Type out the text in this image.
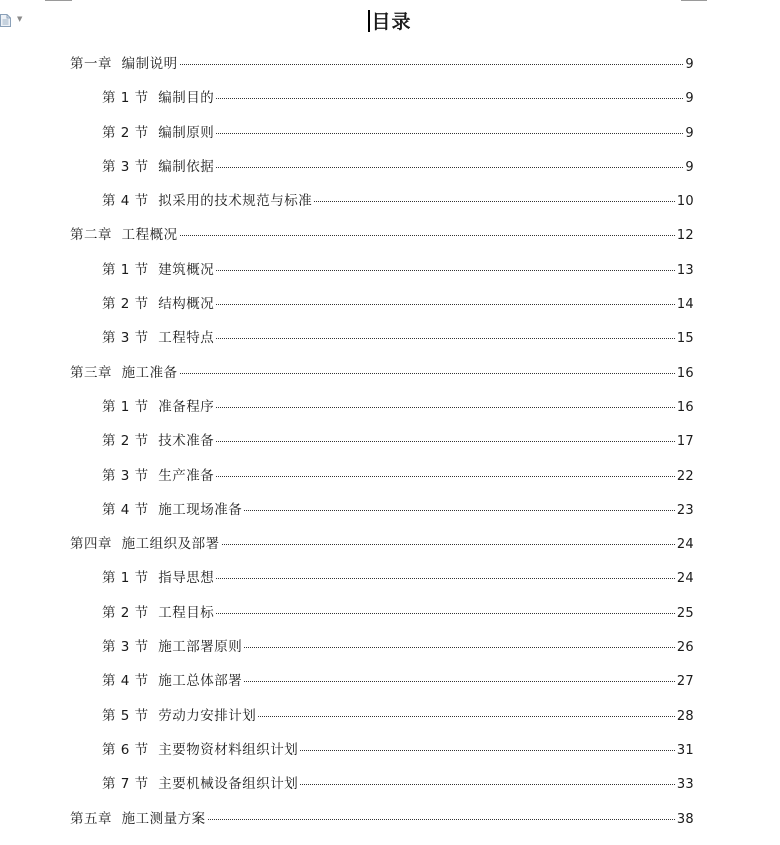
▼	目录
第一章  编制说明	9
第 1 节  编制目的	9
第 2 节  编制原则	9
第 3 节  编制依据	9
第 4 节  拟采用的技术规范与标准	10
第二章  工程概况	12
第 1 节  建筑概况	13
第 2 节  结构概况	14
第 3 节  工程特点	15
第三章  施工准备	16
第 1 节  准备程序	16
第 2 节  技术准备	17
第 3 节  生产准备	22
第 4 节  施工现场准备	23
第四章  施工组织及部署	24
第 1 节  指导思想	24
第 2 节  工程目标	25
第 3 节  施工部署原则	26
第 4 节  施工总体部署	27
第 5 节  劳动力安排计划	28
第 6 节  主要物资材料组织计划	31
第 7 节  主要机械设备组织计划	33
第五章  施工测量方案	38
